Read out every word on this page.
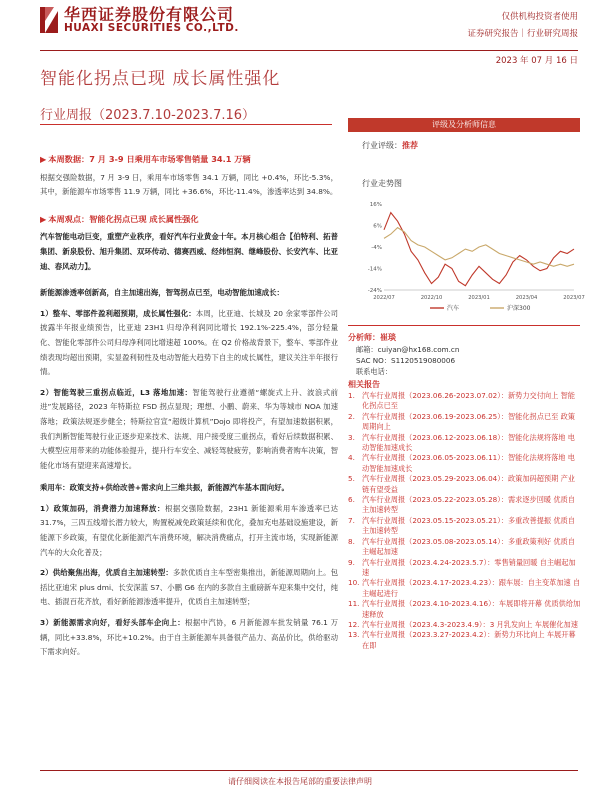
华西证券股份有限公司
HUAXI SECURITIES CO.,LTD.
仅供机构投资者使用
证券研究报告｜行业研究周报
2023 年 07 月 16 日
智能化拐点已现 成长属性强化
行业周报（2023.7.10-2023.7.16）
▶ 本周数据：7 月 3-9 日乘用车市场零售销量 34.1 万辆

根据交强险数据，7 月 3-9 日，乘用车市场零售 34.1 万辆，同比 +0.4%，环比-5.3%，其中，新能源车市场零售 11.9 万辆，同比 +36.6%，环比-11.4%，渗透率达到 34.8%。

▶ 本周观点：智能化拐点已现 成长属性强化

汽车智能电动巨变，重塑产业秩序，看好汽车行业黄金十年。本月核心组合【伯特利、拓普集团、新泉股份、旭升集团、双环传动、德赛西威、经纬恒润、继峰股份、长安汽车、比亚迪、春风动力】。

新能源渗透率创新高，自主加速出海，智驾拐点已至，电动智能加速成长：

1）整车、零部件盈利超预期，成长属性强化：本周，比亚迪、长城及 20 余家零部件公司披露半年报业绩预告，比亚迪 23H1 归母净利润同比增长 192.1%-225.4%，部分轻量化、智能化零部件公司归母净利同比增速超 100%。在 Q2 价格战背景下，整车、零部件业绩表现均超出预期，实显盈利韧性及电动智能大趋势下自主的成长属性，建议关注半年报行情。

2）智能驾驶三重拐点临近，L3 落地加速：智能驾驶行业遵循“螺旋式上升、波浪式前进”发展路径，2023 年特斯拉 FSD 拐点显现；理想、小鹏、蔚来、华为等城市 NOA 加速落地；政策法规逐步健全；特斯拉官宣“超级计算机”Dojo 即将投产，有望加速数据积累，我们判断智能驾驶行业正逐步迎来技术、法规、用户接受度三重拐点，看好后续数据积累、大模型应用带来的功能体验提升，提升行车安全、减轻驾驶疲劳，影响消费者购车决策，智能化市场有望迎来高速增长。

乘用车：政策支持+供给改善+需求向上三维共振，新能源汽车基本面向好。

1）政策加码，消费潜力加速释放：根据交强险数据，23H1 新能源乘用车渗透率已达 31.7%，三四五线增长潜力较大，购置税减免政策延续和优化，叠加充电基础设施建设，新能源下乡政策，有望优化新能源汽车消费环境，解决消费痛点，打开主流市场，实现新能源汽车的大众化普及；

2）供给聚焦出海，优质自主加速转型：多款优质自主车型密集推出，新能源周期向上。包括比亚迪宋 plus dmi、长安深蓝 S7、小鹏 G6 在内的多款自主重磅新车迎来集中交付，纯电、插混百花齐放，看好新能源渗透率提升，优质自主加速转型；

3）新能源需求向好，看好头部车企向上：根据中汽协，6 月新能源车批发销量 76.1 万辆，同比+33.8%，环比+10.2%。由于自主新能源车具备很产品力、高品价比，供给驱动下需求向好。

评级及分析师信息
行业评级：推荐
行业走势图
16%
6%
-4%
-14%
-24%
2022/07	2022/10	2023/01	2023/04	2023/07
汽车	沪深300
分析师：崔琰
邮箱：cuiyan@hx168.com.cn
SAC NO：S1120519080006
联系电话：
相关报告
1. 汽车行业周报（2023.06.26-2023.07.02）：新势力交付向上 智能化拐点已至
2. 汽车行业周报（2023.06.19-2023.06.25）：智能化拐点已至 政策周期向上
3. 汽车行业周报（2023.06.12-2023.06.18）：智能化法规将落地 电动智能加速成长
4. 汽车行业周报（2023.06.05-2023.06.11）：智能化法规将落地 电动智能加速成长
5. 汽车行业周报（2023.05.29-2023.06.04）：政策加码超预期 产业链有望受益
6. 汽车行业周报（2023.05.22-2023.05.28）：需求逐步回暖 优质自主加速转型
7. 汽车行业周报（2023.05.15-2023.05.21）：多重改善提振 优质自主加速转型
8. 汽车行业周报（2023.05.08-2023.05.14）：多重政策利好 优质自主崛起加速
9. 汽车行业周报（2023.4.24-2023.5.7）：零售销量回暖 自主崛起加速
10. 汽车行业周报（2023.4.17-2023.4.23）：跟车展：自主变革加速 自主崛起进行
11. 汽车行业周报（2023.4.10-2023.4.16）：车展即将开幕 优质供给加速释放
12. 汽车行业周报（2023.4.3-2023.4.9）：3 月乳发向上 车展催化加速
13. 汽车行业周报（2023.3.27-2023.4.2）：新势力环比向上 车展开幕在即
请仔细阅读在本报告尾部的重要法律声明
